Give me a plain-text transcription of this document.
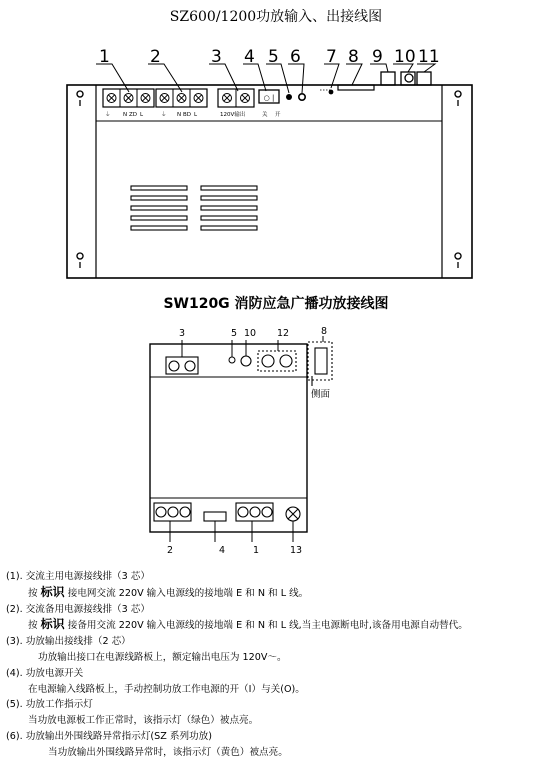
SZ600/1200功放输入、出接线图
○ |
⏚ N ZD L	⏚ N BD L	120V输出	关 开
1 2	3 4 5 6 7 8 9 10 11
SW120G 消防应急广播功放接线图
侧面
3	5 10 12	8
2	4	1	13
(1). 交流主用电源接线排（3 芯）
按 标识 接电网交流 220V 输入电源线的接地端 E 和 N 和 L 线。
(2). 交流备用电源接线排（3 芯）
按 标识 接备用交流 220V 输入电源线的接地端 E 和 N 和 L 线,当主电源断电时,该备用电源自动替代。
(3). 功放输出接线排（2 芯）
功放输出接口在电源线路板上，额定输出电压为 120V～。
(4). 功放电源开关
在电源输入线路板上，手动控制功放工作电源的开（I）与关(O)。
(5). 功放工作指示灯
当功放电源板工作正常时，该指示灯（绿色）被点亮。
(6). 功放输出外围线路异常指示灯(SZ 系列功放)
当功放输出外围线路异常时，该指示灯（黄色）被点亮。
